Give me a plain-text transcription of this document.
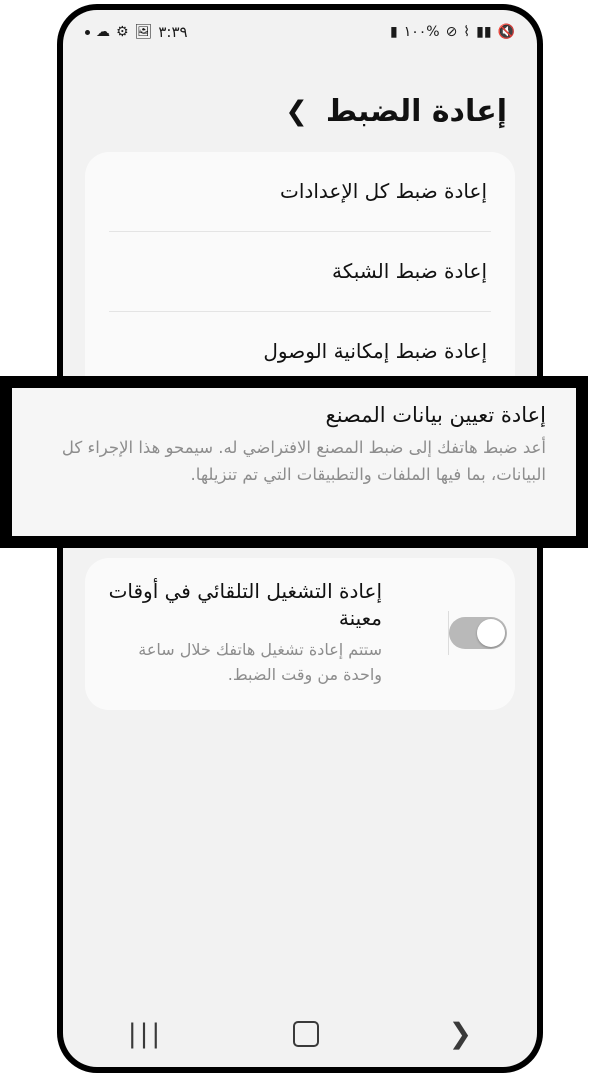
▮ ١٠٠% ⊘ ⌇ ▮▮ 🔇
☁ ⚙ 🖼 ٣:٣٩
إعادة الضبط
❯
إعادة ضبط كل الإعدادات
إعادة ضبط الشبكة
إعادة ضبط إمكانية الوصول
إعادة التشغيل التلقائي في أوقات معينة
ستتم إعادة تشغيل هاتفك خلال ساعة واحدة من وقت الضبط.
|||	❯
إعادة تعيين بيانات المصنع
أعد ضبط هاتفك إلى ضبط المصنع الافتراضي له. سيمحو هذا الإجراء كل البيانات، بما فيها الملفات والتطبيقات التي تم تنزيلها.
